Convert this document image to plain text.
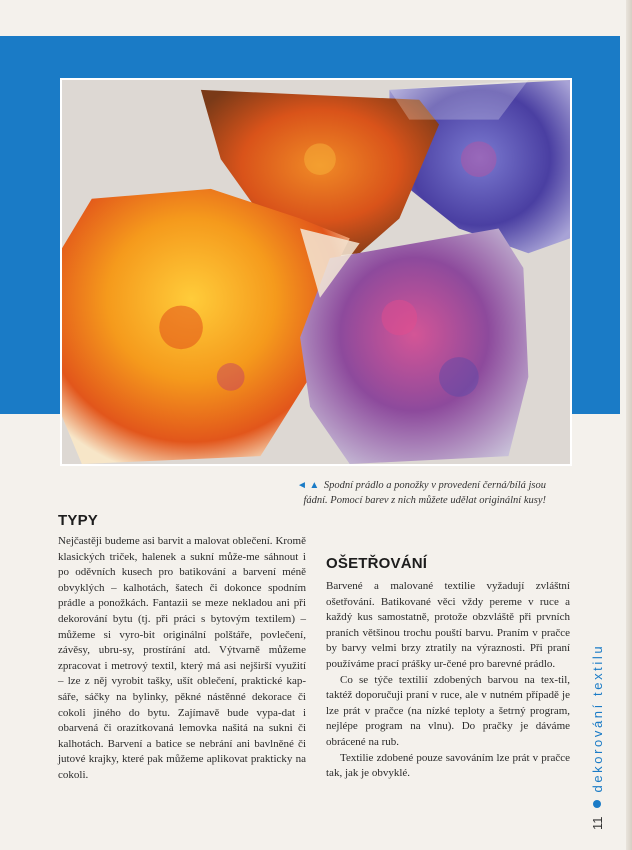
◄ ▲ Spodní prádlo a ponožky v provedení černá/bílá jsou
fádní. Pomocí barev z nich můžete udělat originální kusy!
TYPY

Nejčastěji budeme asi barvit a malovat oblečení. Kromě klasických triček, halenek a sukní může-me sáhnout i po oděvních kusech pro batikování a barvení méně obvyklých – kalhotách, šatech či dokonce spodním prádle a ponožkách. Fantazii se meze nekladou ani při dekorování bytu (tj. při práci s bytovým textilem) – můžeme si vyro-bit originální polštáře, povlečení, závěsy, ubru-sy, prostírání atd. Výtvarně můžeme zpracovat i metrový textil, který má asi nejširší využití – lze z něj vyrobit tašky, ušít oblečení, praktické kap-sáře, sáčky na bylinky, pěkné nástěnné dekorace či cokoli jiného do bytu. Zajímavě bude vypa-dat i obarvená či orazítkovaná lemovka našitá na sukni či kalhotách. Barvení a batice se nebrání ani bavlněné či jutové krajky, které pak můžeme aplikovat prakticky na cokoli.

OŠETŘOVÁNÍ

Barvené a malované textilie vyžadují zvláštní ošetřování. Batikované věci vždy pereme v ruce a každý kus samostatně, protože obzvláště při prvních praních většinou trochu pouští barvu. Praním v pračce by barvy velmi brzy ztratily na výraznosti. Při praní používáme prací prášky ur-čené pro barevné prádlo.

Co se týče textilií zdobených barvou na tex-til, taktéž doporučuji praní v ruce, ale v nutném případě je lze prát v pračce (na nízké teploty a šetrný program, nejlépe program na vlnu). Do pračky je dáváme obrácené na rub.

Textilie zdobené pouze savováním lze prát v pračce tak, jak je obvyklé.

11
dekorování textilu
